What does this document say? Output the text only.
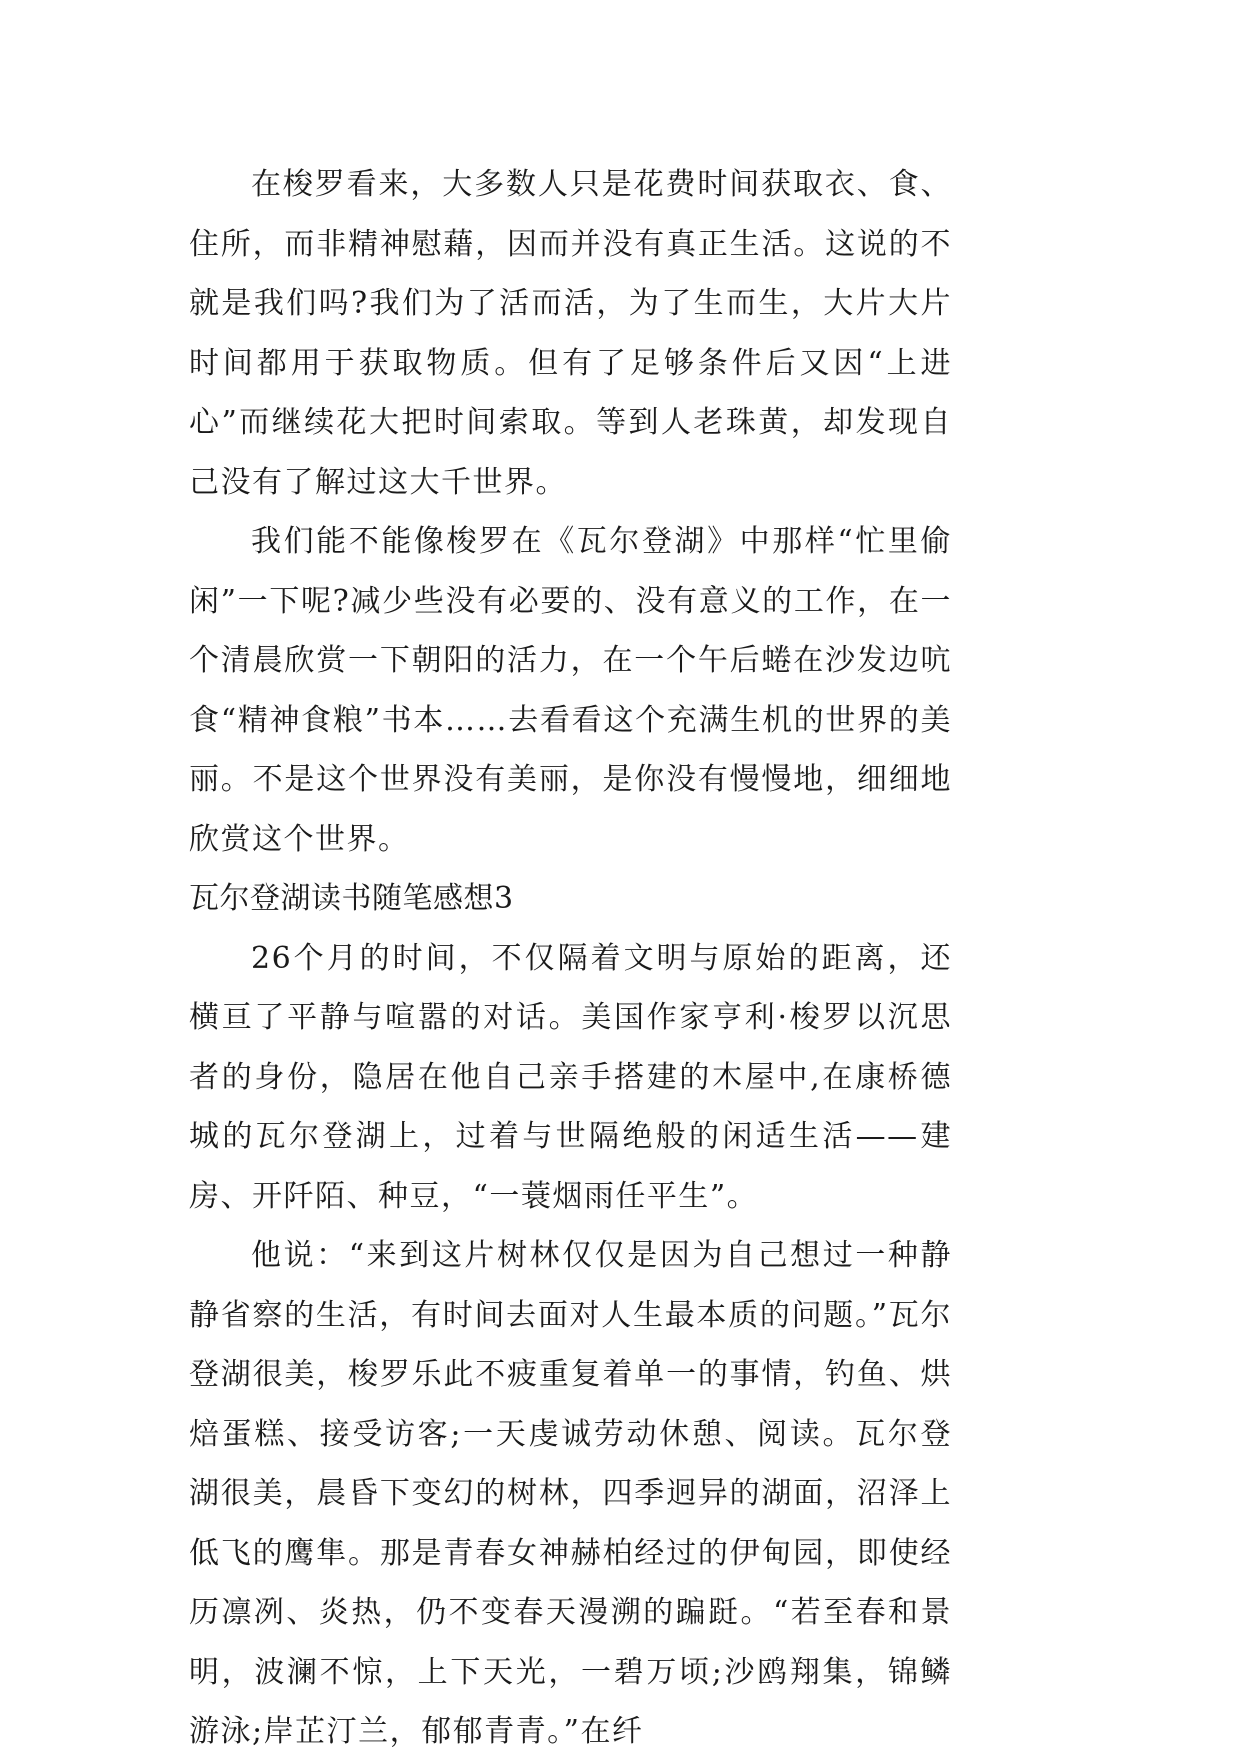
在梭罗看来，大多数人只是花费时间获取衣、食、住所，而非精神慰藉，因而并没有真正生活。这说的不就是我们吗?我们为了活而活，为了生而生，大片大片时间都用于获取物质。但有了足够条件后又因“上进心”而继续花大把时间索取。等到人老珠黄，却发现自己没有了解过这大千世界。

我们能不能像梭罗在《瓦尔登湖》中那样“忙里偷闲”一下呢?减少些没有必要的、没有意义的工作，在一个清晨欣赏一下朝阳的活力，在一个午后蜷在沙发边吭食“精神食粮”书本……去看看这个充满生机的世界的美丽。不是这个世界没有美丽，是你没有慢慢地，细细地欣赏这个世界。

瓦尔登湖读书随笔感想3

26个月的时间，不仅隔着文明与原始的距离，还横亘了平静与喧嚣的对话。美国作家亨利·梭罗以沉思者的身份，隐居在他自己亲手搭建的木屋中,在康桥德城的瓦尔登湖上，过着与世隔绝般的闲适生活——建房、开阡陌、种豆，“一蓑烟雨任平生”。

他说：“来到这片树林仅仅是因为自己想过一种静静省察的生活，有时间去面对人生最本质的问题。”瓦尔登湖很美，梭罗乐此不疲重复着单一的事情，钓鱼、烘焙蛋糕、接受访客;一天虔诚劳动休憩、阅读。瓦尔登湖很美，晨昏下变幻的树林，四季迥异的湖面，沼泽上低飞的鹰隼。那是青春女神赫柏经过的伊甸园，即使经历凛冽、炎热，仍不变春天漫溯的蹁跹。“若至春和景明，波澜不惊，上下天光，一碧万顷;沙鸥翔集，锦鳞游泳;岸芷汀兰，郁郁青青。”在纤
